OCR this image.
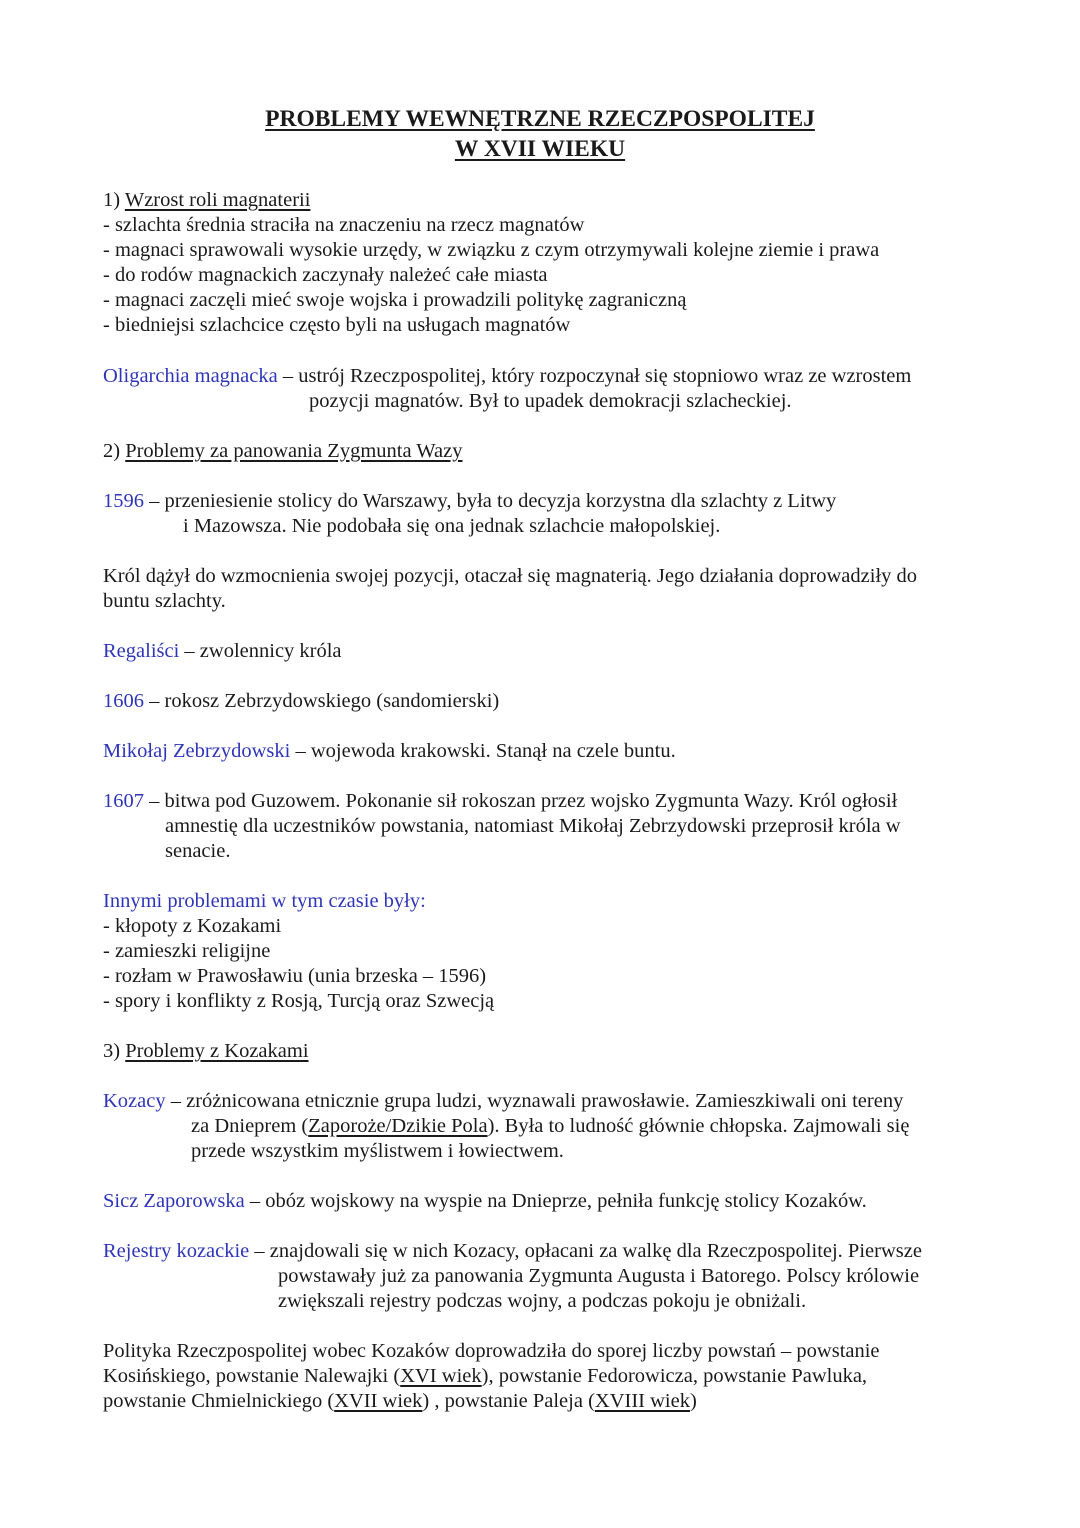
PROBLEMY WEWNĘTRZNE RZECZPOSPOLITEJ
W XVII WIEKU
1) Wzrost roli magnaterii
- szlachta średnia straciła na znaczeniu na rzecz magnatów
- magnaci sprawowali wysokie urzędy, w związku z czym otrzymywali kolejne ziemie i prawa
- do rodów magnackich zaczynały należeć całe miasta
- magnaci zaczęli mieć swoje wojska i prowadzili politykę zagraniczną
- biedniejsi szlachcice często byli na usługach magnatów
Oligarchia magnacka – ustrój Rzeczpospolitej, który rozpoczynał się stopniowo wraz ze wzrostem
pozycji magnatów. Był to upadek demokracji szlacheckiej.
2) Problemy za panowania Zygmunta Wazy
1596 – przeniesienie stolicy do Warszawy, była to decyzja korzystna dla szlachty z Litwy
i Mazowsza. Nie podobała się ona jednak szlachcie małopolskiej.
Król dążył do wzmocnienia swojej pozycji, otaczał się magnaterią. Jego działania doprowadziły do
buntu szlachty.
Regaliści – zwolennicy króla
1606 – rokosz Zebrzydowskiego (sandomierski)
Mikołaj Zebrzydowski – wojewoda krakowski. Stanął na czele buntu.
1607 – bitwa pod Guzowem. Pokonanie sił rokoszan przez wojsko Zygmunta Wazy. Król ogłosił
amnestię dla uczestników powstania, natomiast Mikołaj Zebrzydowski przeprosił króla w
senacie.
Innymi problemami w tym czasie były:
- kłopoty z Kozakami
- zamieszki religijne
- rozłam w Prawosławiu (unia brzeska – 1596)
- spory i konflikty z Rosją, Turcją oraz Szwecją
3) Problemy z Kozakami
Kozacy – zróżnicowana etnicznie grupa ludzi, wyznawali prawosławie. Zamieszkiwali oni tereny
za Dnieprem (Zaporoże/Dzikie Pola). Była to ludność głównie chłopska. Zajmowali się
przede wszystkim myślistwem i łowiectwem.
Sicz Zaporowska – obóz wojskowy na wyspie na Dnieprze, pełniła funkcję stolicy Kozaków.
Rejestry kozackie – znajdowali się w nich Kozacy, opłacani za walkę dla Rzeczpospolitej. Pierwsze
powstawały już za panowania Zygmunta Augusta i Batorego. Polscy królowie
zwiększali rejestry podczas wojny, a podczas pokoju je obniżali.
Polityka Rzeczpospolitej wobec Kozaków doprowadziła do sporej liczby powstań – powstanie
Kosińskiego, powstanie Nalewajki (XVI wiek), powstanie Fedorowicza, powstanie Pawluka,
powstanie Chmielnickiego (XVII wiek) , powstanie Paleja (XVIII wiek)
